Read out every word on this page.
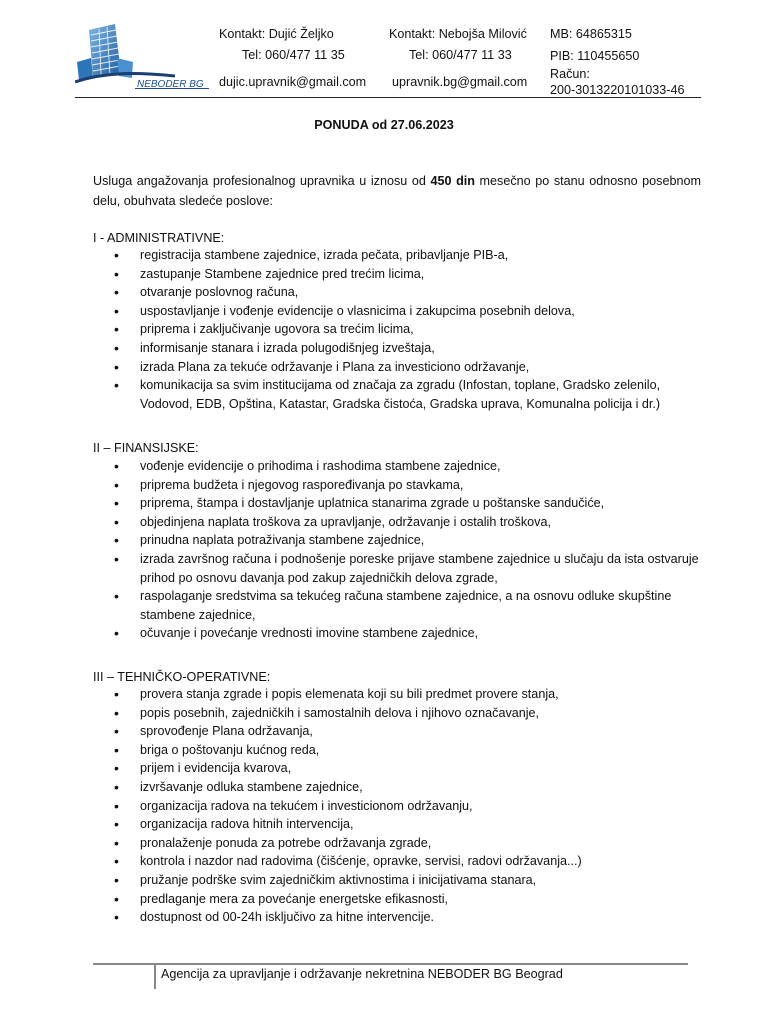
NEBODER BG
Kontakt: Dujić Željko
Tel: 060/477 11 35
dujic.upravnik@gmail.com
Kontakt: Nebojša Milović
Tel: 060/477 11 33
upravnik.bg@gmail.com
MB: 64865315
PIB: 110455650
Račun:
200-3013220101033-46
PONUDA od 27.06.2023
Usluga angažovanja profesionalnog upravnika u iznosu od 450 din mesečno po stanu odnosno posebnom delu, obuhvata sledeće poslove:
I - ADMINISTRATIVNE:
• registracija stambene zajednice, izrada pečata, pribavljanje PIB-a,
• zastupanje Stambene zajednice pred trećim licima,
• otvaranje poslovnog računa,
• uspostavljanje i vođenje evidencije o vlasnicima i zakupcima posebnih delova,
• priprema i zaključivanje ugovora sa trećim licima,
• informisanje stanara i izrada polugodišnjeg izveštaja,
• izrada Plana za tekuće održavanje i Plana za investiciono održavanje,
• komunikacija sa svim institucijama od značaja za zgradu (Infostan, toplane, Gradsko zelenilo, Vodovod, EDB, Opština, Katastar, Gradska čistoća, Gradska uprava, Komunalna policija i dr.)
II – FINANSIJSKE:
• vođenje evidencije o prihodima i rashodima stambene zajednice,
• priprema budžeta i njegovog raspoređivanja po stavkama,
• priprema, štampa i dostavljanje uplatnica stanarima zgrade u poštanske sandučiće,
• objedinjena naplata troškova za upravljanje, održavanje i ostalih troškova,
• prinudna naplata potraživanja stambene zajednice,
• izrada završnog računa i podnošenje poreske prijave stambene zajednice u slučaju da ista ostvaruje prihod po osnovu davanja pod zakup zajedničkih delova zgrade,
• raspolaganje sredstvima sa tekućeg računa stambene zajednice, a na osnovu odluke skupštine stambene zajednice,
• očuvanje i povećanje vrednosti imovine stambene zajednice,
III – TEHNIČKO-OPERATIVNE:
• provera stanja zgrade i popis elemenata koji su bili predmet provere stanja,
• popis posebnih, zajedničkih i samostalnih delova i njihovo označavanje,
• sprovođenje Plana održavanja,
• briga o poštovanju kućnog reda,
• prijem i evidencija kvarova,
• izvršavanje odluka stambene zajednice,
• organizacija radova na tekućem i investicionom održavanju,
• organizacija radova hitnih intervencija,
• pronalaženje ponuda za potrebe održavanja zgrade,
• kontrola i nazdor nad radovima (čišćenje, opravke, servisi, radovi održavanja...)
• pružanje podrške svim zajedničkim aktivnostima i inicijativama stanara,
• predlaganje mera za povećanje energetske efikasnosti,
• dostupnost od 00-24h isključivo za hitne intervencije.
Agencija za upravljanje i održavanje nekretnina NEBODER BG Beograd
